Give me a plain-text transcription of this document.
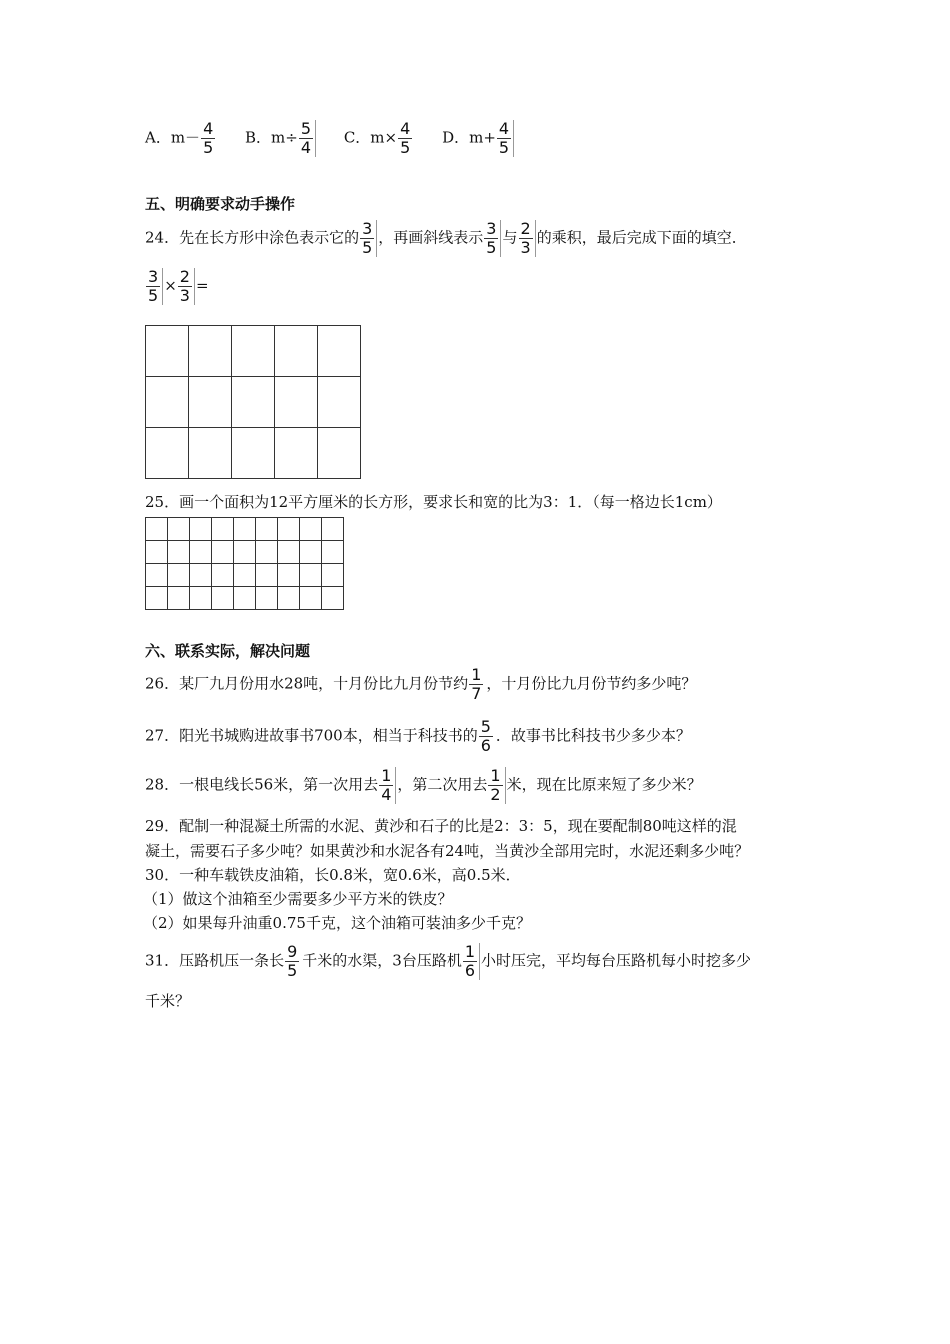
A．$m- \frac{4}{5}$ B．$m\div \frac{5}{4}$ C．$m\times \frac{4}{5}$ D．$m+ \frac{4}{5}$
五、明确要求动手操作
24．先在长方形中涂色表示它的 $\frac{3}{5}$ ，再画斜线表示 $\frac{3}{5}$ 与 $\frac{2}{3}$ 的乘积，最后完成下面的填空．
$\frac{3}{5} \times \frac{2}{3}$ =

25．画一个面积为12平方厘米的长方形，要求长和宽的比为3：1．（每一格边长1cm）

六、联系实际，解决问题
26．某厂九月份用水28吨，十月份比九月份节约 $\frac{1}{7}$ ，十月份比九月份节约多少吨？
27．阳光书城购进故事书700本，相当于科技书的 $\frac{5}{6}$ ．故事书比科技书少多少本？
28．一根电线长56米，第一次用去 $\frac{1}{4}$ ，第二次用去 $\frac{1}{2}$ 米，现在比原来短了多少米？
29．配制一种混凝土所需的水泥、黄沙和石子的比是2：3：5，现在要配制80吨这样的混
凝土，需要石子多少吨？如果黄沙和水泥各有24吨，当黄沙全部用完时，水泥还剩多少吨？
30．一种车载铁皮油箱，长0.8米，宽0.6米，高0.5米．
（1）做这个油箱至少需要多少平方米的铁皮？
（2）如果每升油重0.75千克，这个油箱可装油多少千克？
31．压路机压一条长 $\frac{9}{5}$ 千米的水渠，3台压路机 $\frac{1}{6}$ 小时压完，平均每台压路机每小时挖多少
千米？
